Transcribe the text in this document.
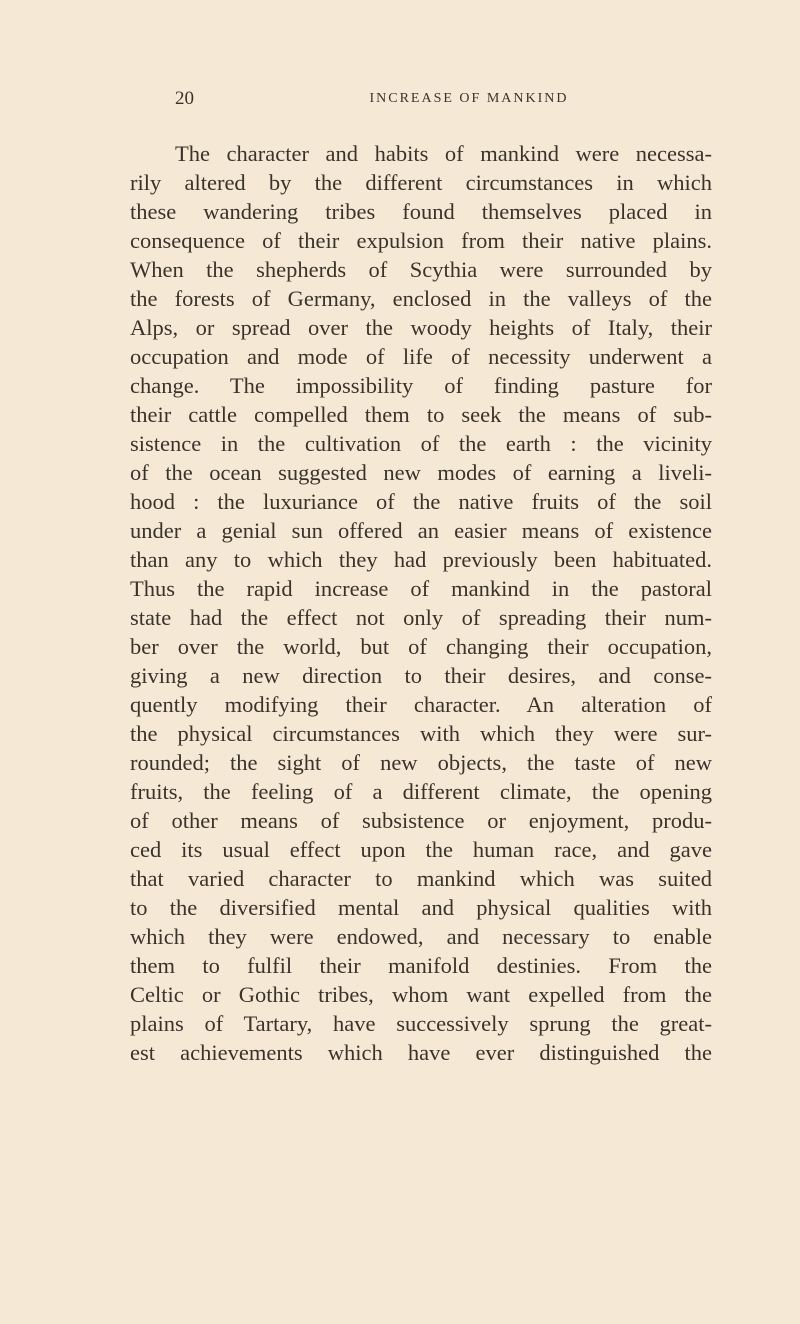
20	INCREASE OF MANKIND
The character and habits of mankind were necessa-
rily altered by the different circumstances in which
these wandering tribes found themselves placed in
consequence of their expulsion from their native plains.
When the shepherds of Scythia were surrounded by
the forests of Germany, enclosed in the valleys of the
Alps, or spread over the woody heights of Italy, their
occupation and mode of life of necessity underwent a
change. The impossibility of finding pasture for
their cattle compelled them to seek the means of sub-
sistence in the cultivation of the earth : the vicinity
of the ocean suggested new modes of earning a liveli-
hood : the luxuriance of the native fruits of the soil
under a genial sun offered an easier means of existence
than any to which they had previously been habituated.
Thus the rapid increase of mankind in the pastoral
state had the effect not only of spreading their num-
ber over the world, but of changing their occupation,
giving a new direction to their desires, and conse-
quently modifying their character. An alteration of
the physical circumstances with which they were sur-
rounded; the sight of new objects, the taste of new
fruits, the feeling of a different climate, the opening
of other means of subsistence or enjoyment, produ-
ced its usual effect upon the human race, and gave
that varied character to mankind which was suited
to the diversified mental and physical qualities with
which they were endowed, and necessary to enable
them to fulfil their manifold destinies. From the
Celtic or Gothic tribes, whom want expelled from the
plains of Tartary, have successively sprung the great-
est achievements which have ever distinguished the
